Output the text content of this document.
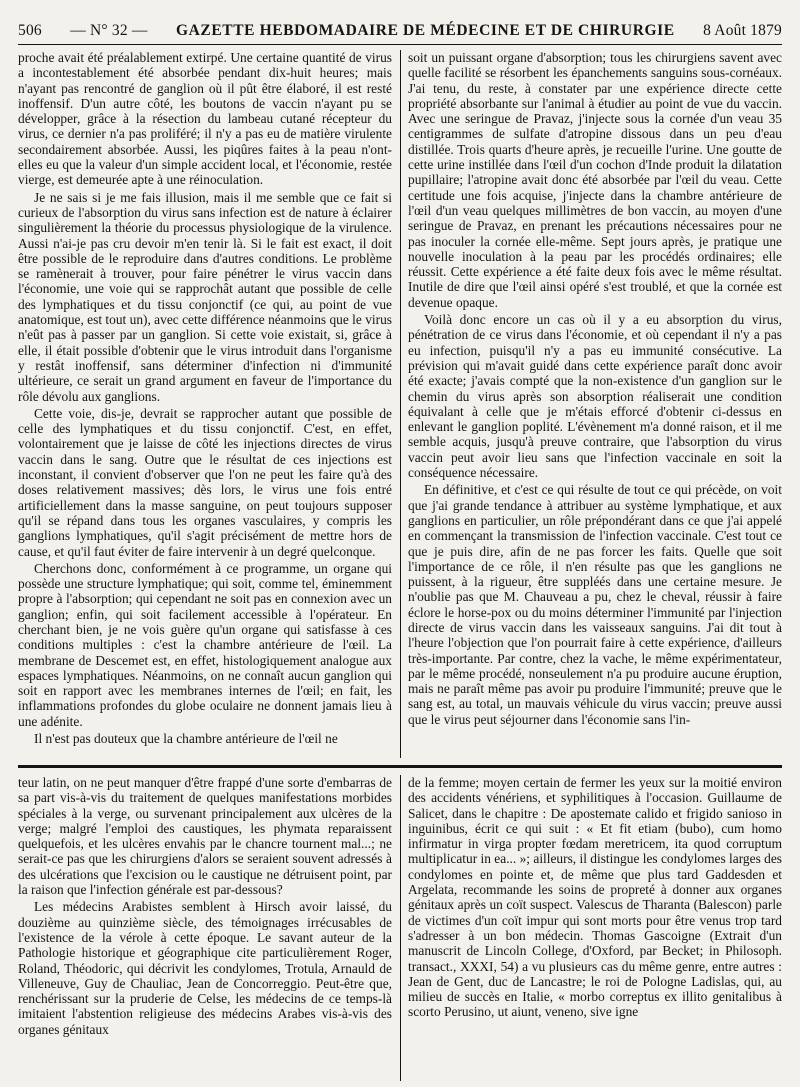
506 — N° 32 — GAZETTE HEBDOMADAIRE DE MÉDECINE ET DE CHIRURGIE 8 Août 1879

proche avait été préalablement extirpé. Une certaine quantité de virus a incontestablement été absorbée pendant dix-huit heures; mais n'ayant pas rencontré de ganglion où il pût être élaboré, il est resté inoffensif. D'un autre côté, les boutons de vaccin n'ayant pu se développer, grâce à la résection du lambeau cutané récepteur du virus, ce dernier n'a pas proliféré; il n'y a pas eu de matière virulente secondairement absorbée. Aussi, les piqûres faites à la peau n'ont-elles eu que la valeur d'un simple accident local, et l'économie, restée vierge, est demeurée apte à une réinoculation.

Je ne sais si je me fais illusion, mais il me semble que ce fait si curieux de l'absorption du virus sans infection est de nature à éclairer singulièrement la théorie du processus physiologique de la virulence. Aussi n'ai-je pas cru devoir m'en tenir là. Si le fait est exact, il doit être possible de le reproduire dans d'autres conditions. Le problème se ramènerait à trouver, pour faire pénétrer le virus vaccin dans l'économie, une voie qui se rapprochât autant que possible de celle des lymphatiques et du tissu conjonctif (ce qui, au point de vue anatomique, est tout un), avec cette différence néanmoins que le virus n'eût pas à passer par un ganglion. Si cette voie existait, si, grâce à elle, il était possible d'obtenir que le virus introduit dans l'organisme y restât inoffensif, sans déterminer d'infection ni d'immunité ultérieure, ce serait un grand argument en faveur de l'importance du rôle dévolu aux ganglions.

Cette voie, dis-je, devrait se rapprocher autant que possible de celle des lymphatiques et du tissu conjonctif. C'est, en effet, volontairement que je laisse de côté les injections directes de virus vaccin dans le sang. Outre que le résultat de ces injections est inconstant, il convient d'observer que l'on ne peut les faire qu'à des doses relativement massives; dès lors, le virus une fois entré artificiellement dans la masse sanguine, on peut toujours supposer qu'il se répand dans tous les organes vasculaires, y compris les ganglions lymphatiques, qu'il s'agit précisément de mettre hors de cause, et qu'il faut éviter de faire intervenir à un degré quelconque.

Cherchons donc, conformément à ce programme, un organe qui possède une structure lymphatique; qui soit, comme tel, éminemment propre à l'absorption; qui cependant ne soit pas en connexion avec un ganglion; enfin, qui soit facilement accessible à l'opérateur. En cherchant bien, je ne vois guère qu'un organe qui satisfasse à ces conditions multiples : c'est la chambre antérieure de l'œil. La membrane de Descemet est, en effet, histologiquement analogue aux espaces lymphatiques. Néanmoins, on ne connaît aucun ganglion qui soit en rapport avec les membranes internes de l'œil; en fait, les inflammations profondes du globe oculaire ne donnent jamais lieu à une adénite.

Il n'est pas douteux que la chambre antérieure de l'œil ne

soit un puissant organe d'absorption; tous les chirurgiens savent avec quelle facilité se résorbent les épanchements sanguins sous-cornéaux. J'ai tenu, du reste, à constater par une expérience directe cette propriété absorbante sur l'animal à étudier au point de vue du vaccin. Avec une seringue de Pravaz, j'injecte sous la cornée d'un veau 35 centigrammes de sulfate d'atropine dissous dans un peu d'eau distillée. Trois quarts d'heure après, je recueille l'urine. Une goutte de cette urine instillée dans l'œil d'un cochon d'Inde produit la dilatation pupillaire; l'atropine avait donc été absorbée par l'œil du veau. Cette certitude une fois acquise, j'injecte dans la chambre antérieure de l'œil d'un veau quelques millimètres de bon vaccin, au moyen d'une seringue de Pravaz, en prenant les précautions nécessaires pour ne pas inoculer la cornée elle-même. Sept jours après, je pratique une nouvelle inoculation à la peau par les procédés ordinaires; elle réussit. Cette expérience a été faite deux fois avec le même résultat. Inutile de dire que l'œil ainsi opéré s'est troublé, et que la cornée est devenue opaque.

Voilà donc encore un cas où il y a eu absorption du virus, pénétration de ce virus dans l'économie, et où cependant il n'y a pas eu infection, puisqu'il n'y a pas eu immunité consécutive. La prévision qui m'avait guidé dans cette expérience paraît donc avoir été exacte; j'avais compté que la non-existence d'un ganglion sur le chemin du virus après son absorption réaliserait une condition équivalant à celle que je m'étais efforcé d'obtenir ci-dessus en enlevant le ganglion poplité. L'évènement m'a donné raison, et il me semble acquis, jusqu'à preuve contraire, que l'absorption du virus vaccin peut avoir lieu sans que l'infection vaccinale en soit la conséquence nécessaire.

En définitive, et c'est ce qui résulte de tout ce qui précède, on voit que j'ai grande tendance à attribuer au système lymphatique, et aux ganglions en particulier, un rôle prépondérant dans ce que j'ai appelé en commençant la transmission de l'infection vaccinale. C'est tout ce que je puis dire, afin de ne pas forcer les faits. Quelle que soit l'importance de ce rôle, il n'en résulte pas que les ganglions ne puissent, à la rigueur, être suppléés dans une certaine mesure. Je n'oublie pas que M. Chauveau a pu, chez le cheval, réussir à faire éclore le horse-pox ou du moins déterminer l'immunité par l'injection directe de virus vaccin dans les vaisseaux sanguins. J'ai dit tout à l'heure l'objection que l'on pourrait faire à cette expérience, d'ailleurs très-importante. Par contre, chez la vache, le même expérimentateur, par le même procédé, nonseulement n'a pu produire aucune éruption, mais ne paraît même pas avoir pu produire l'immunité; preuve que le sang est, au total, un mauvais véhicule du virus vaccin; preuve aussi que le virus peut séjourner dans l'économie sans l'in-

teur latin, on ne peut manquer d'être frappé d'une sorte d'embarras de sa part vis-à-vis du traitement de quelques manifestations morbides spéciales à la verge, ou survenant principalement aux ulcères de la verge; malgré l'emploi des caustiques, les phymata reparaissent quelquefois, et les ulcères envahis par le chancre tournent mal...; ne serait-ce pas que les chirurgiens d'alors se seraient souvent adressés à des ulcérations que l'excision ou le caustique ne détruisent point, par la raison que l'infection générale est par-dessous?

Les médecins Arabistes semblent à Hirsch avoir laissé, du douzième au quinzième siècle, des témoignages irrécusables de l'existence de la vérole à cette époque. Le savant auteur de la Pathologie historique et géographique cite particulièrement Roger, Roland, Théodoric, qui décrivit les condylomes, Trotula, Arnauld de Villeneuve, Guy de Chauliac, Jean de Concorreggio. Peut-être que, renchérissant sur la pruderie de Celse, les médecins de ce temps-là imitaient l'abstention religieuse des médecins Arabes vis-à-vis des organes génitaux

de la femme; moyen certain de fermer les yeux sur la moitié environ des accidents vénériens, et syphilitiques à l'occasion. Guillaume de Salicet, dans le chapitre : De apostemate calido et frigido sanioso in inguinibus, écrit ce qui suit : « Et fit etiam (bubo), cum homo infirmatur in virga propter fœdam meretricem, ita quod corruptum multiplicatur in ea... »; ailleurs, il distingue les condylomes larges des condylomes en pointe et, de même que plus tard Gaddesden et Argelata, recommande les soins de propreté à donner aux organes génitaux après un coït suspect. Valescus de Tharanta (Balescon) parle de victimes d'un coït impur qui sont morts pour être venus trop tard s'adresser à un bon médecin. Thomas Gascoigne (Extrait d'un manuscrit de Lincoln College, d'Oxford, par Becket; in Philosoph. transact., XXXI, 54) a vu plusieurs cas du même genre, entre autres : Jean de Gent, duc de Lancastre; le roi de Pologne Ladislas, qui, au milieu de succès en Italie, « morbo correptus ex illito genitalibus à scorto Perusino, ut aiunt, veneno, sive igne
